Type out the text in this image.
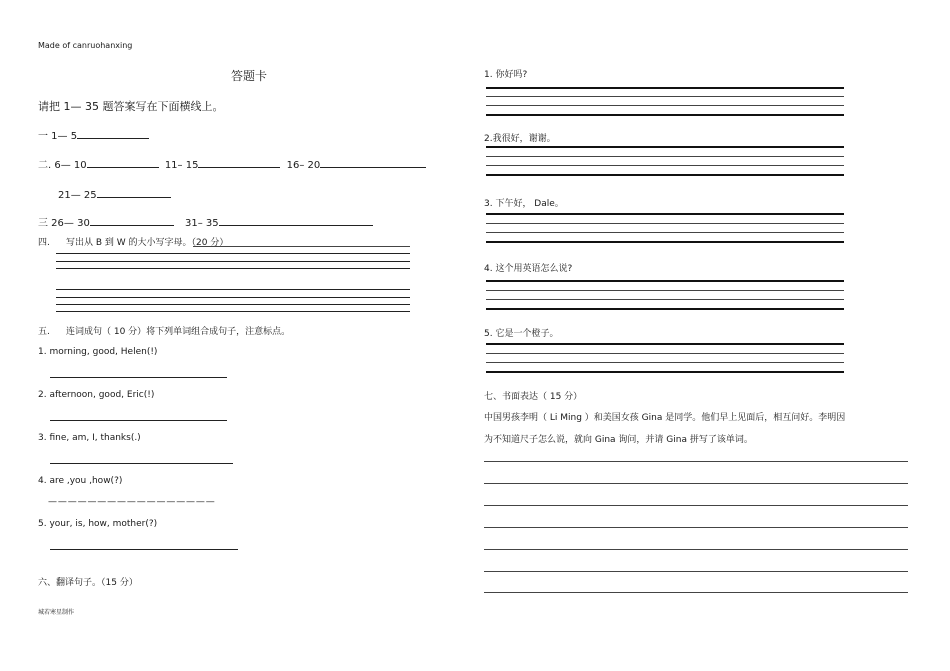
Made of canruohanxing
答题卡
请把 1— 35 题答案写在下面横线上。
一 1— 5
二. 6— 10	11– 15	16– 20
21— 25
三 26— 30	31– 35
四. 写出从 B 到 W 的大小写字母。（20 分）
五. 连词成句（ 10 分）将下列单词组合成句子，注意标点。
1. morning, good, Helen(!)
2. afternoon, good, Eric(!)
3. fine, am, I, thanks(.)
4. are ,you ,how(?)
— — — — — — — — — — — — — — — — —
5. your, is, how, mother(?)
六、翻译句子。（15 分）
城若寒星制作
1. 你好吗?
2.我很好，谢谢。
3. 下午好， Dale。
4. 这个用英语怎么说?
5. 它是一个橙子。
七、书面表达（ 15 分）
中国男孩李明（ Li Ming ）和美国女孩 Gina 是同学。他们早上见面后，相互问好。李明因
为不知道尺子怎么说，就向 Gina 询问，并请 Gina 拼写了该单词。
